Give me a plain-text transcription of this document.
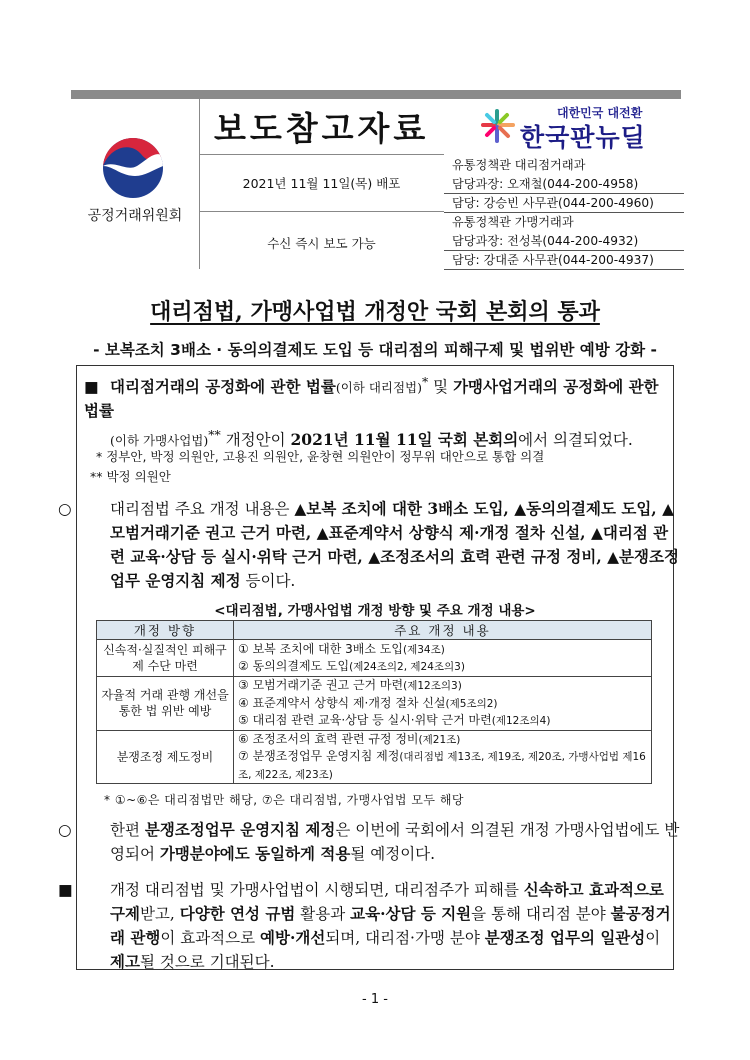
공정거래위원회
보도참고자료
2021년 11월 11일(목) 배포
수신 즉시 보도 가능
대한민국 대전환
한국판뉴딜
유통정책관 대리점거래과
담당과장: 오재철(044-200-4958)
담당: 강승빈 사무관(044-200-4960)
유통정책관 가맹거래과
담당과장: 전성복(044-200-4932)
담당: 강대준 사무관(044-200-4937)
대리점법, 가맹사업법 개정안 국회 본회의 통과
- 보복조치 3배소 · 동의의결제도 도입 등 대리점의 피해구제 및 법위반 예방 강화 -
■ 대리점거래의 공정화에 관한 법률(이하 대리점법)* 및 가맹사업거래의 공정화에 관한 법률
(이하 가맹사업법)** 개정안이 2021년 11월 11일 국회 본회의에서 의결되었다.
* 정부안, 박정 의원안, 고용진 의원안, 윤창현 의원안이 정무위 대안으로 통합 의결
** 박정 의원안
○ 대리점법 주요 개정 내용은 ▲보복 조치에 대한 3배소 도입, ▲동의의결제도 도입, ▲모범거래기준 권고 근거 마련, ▲표준계약서 상향식 제·개정 절차 신설, ▲대리점 관련 교육·상담 등 실시·위탁 근거 마련, ▲조정조서의 효력 관련 규정 정비, ▲분쟁조정업무 운영지침 제정 등이다.
<대리점법, 가맹사업법 개정 방향 및 주요 개정 내용>
개정 방향	주요 개정 내용
신속적·실질적인 피해구제 수단 마련	① 보복 조치에 대한 3배소 도입(제34조)
② 동의의결제도 도입(제24조의2, 제24조의3)

자율적 거래 관행 개선을 통한 법 위반 예방	③ 모범거래기준 권고 근거 마련(제12조의3)
④ 표준계약서 상향식 제·개정 절차 신설(제5조의2)
⑤ 대리점 관련 교육·상담 등 실시·위탁 근거 마련(제12조의4)

분쟁조정 제도정비	⑥ 조정조서의 효력 관련 규정 정비(제21조)
⑦ 분쟁조정업무 운영지침 제정(대리점법 제13조, 제19조, 제20조, 가맹사업법 제16조, 제22조, 제23조)
* ①~⑥은 대리점법만 해당, ⑦은 대리점법, 가맹사업법 모두 해당
○ 한편 분쟁조정업무 운영지침 제정은 이번에 국회에서 의결된 개정 가맹사업법에도 반영되어 가맹분야에도 동일하게 적용될 예정이다.
■ 개정 대리점법 및 가맹사업법이 시행되면, 대리점주가 피해를 신속하고 효과적으로 구제받고, 다양한 연성 규범 활용과 교육·상담 등 지원을 통해 대리점 분야 불공정거래 관행이 효과적으로 예방·개선되며, 대리점·가맹 분야 분쟁조정 업무의 일관성이 제고될 것으로 기대된다.
- 1 -
